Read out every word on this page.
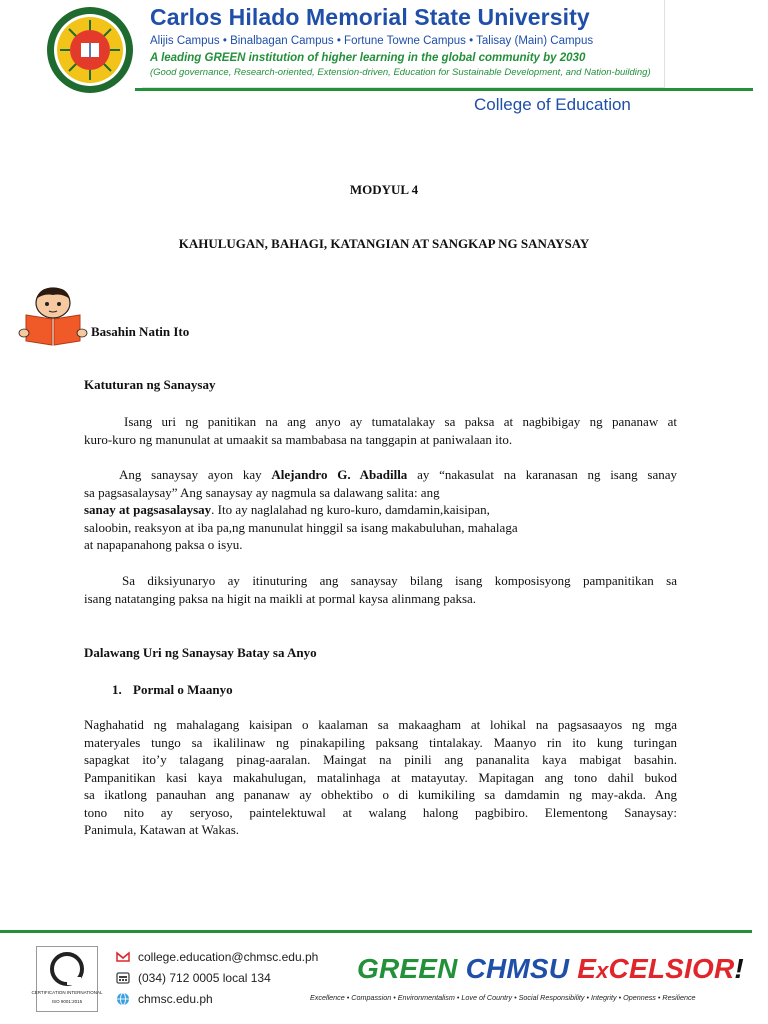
Carlos Hilado Memorial State University
Alijis Campus • Binalbagan Campus • Fortune Towne Campus • Talisay (Main) Campus
A leading GREEN institution of higher learning in the global community by 2030
(Good governance, Research-oriented, Extension-driven, Education for Sustainable Development, and Nation-building)
College of Education
MODYUL 4
KAHULUGAN, BAHAGI, KATANGIAN AT SANGKAP NG SANAYSAY
Basahin Natin Ito
Katuturan ng Sanaysay
Isang uri ng panitikan na ang anyo ay tumatalakay sa paksa at nagbibigay ng pananaw at
kuro-kuro ng manunulat at umaakit sa mambabasa na tanggapin at paniwalaan ito.
Ang sanaysay ayon kay Alejandro G. Abadilla ay “nakasulat na karanasan ng isang sanay
sa pagsasalaysay” Ang sanaysay ay nagmula sa dalawang salita: ang
sanay at pagsasalaysay. Ito ay naglalahad ng kuro-kuro, damdamin,kaisipan,
saloobin, reaksyon at iba pa,ng manunulat hinggil sa isang makabuluhan, mahalaga
at napapanahong paksa o isyu.
Sa diksiyunaryo ay itinuturing ang sanaysay bilang isang komposisyong pampanitikan sa
isang natatanging paksa na higit na maikli at pormal kaysa alinmang paksa.
Dalawang Uri ng Sanaysay Batay sa Anyo
1. Pormal o Maanyo
Naghahatid ng mahalagang kaisipan o kaalaman sa makaagham at lohikal na pagsasaayos ng mga
materyales tungo sa ikalilinaw ng pinakapiling paksang tintalakay. Maanyo rin ito kung turingan
sapagkat ito’y talagang pinag-aaralan. Maingat na pinili ang pananalita kaya mabigat basahin.
Pampanitikan kasi kaya makahulugan, matalinhaga at matayutay. Mapitagan ang tono dahil bukod
sa ikatlong panauhan ang pananaw ay obhektibo o di kumikiling sa damdamin ng may-akda. Ang
tono nito ay seryoso, paintelektuwal at walang halong pagbibiro. Elementong Sanaysay:
Panimula, Katawan at Wakas.
CERTIFICATION INTERNATIONAL
ISO 9001:2015
college.education@chmsc.edu.ph
(034) 712 0005 local 134
chmsc.edu.ph
GREEN CHMSU ExCELSIOR!
Excellence • Compassion • Environmentalism • Love of Country • Social Responsibility • Integrity • Openness • Resilience
